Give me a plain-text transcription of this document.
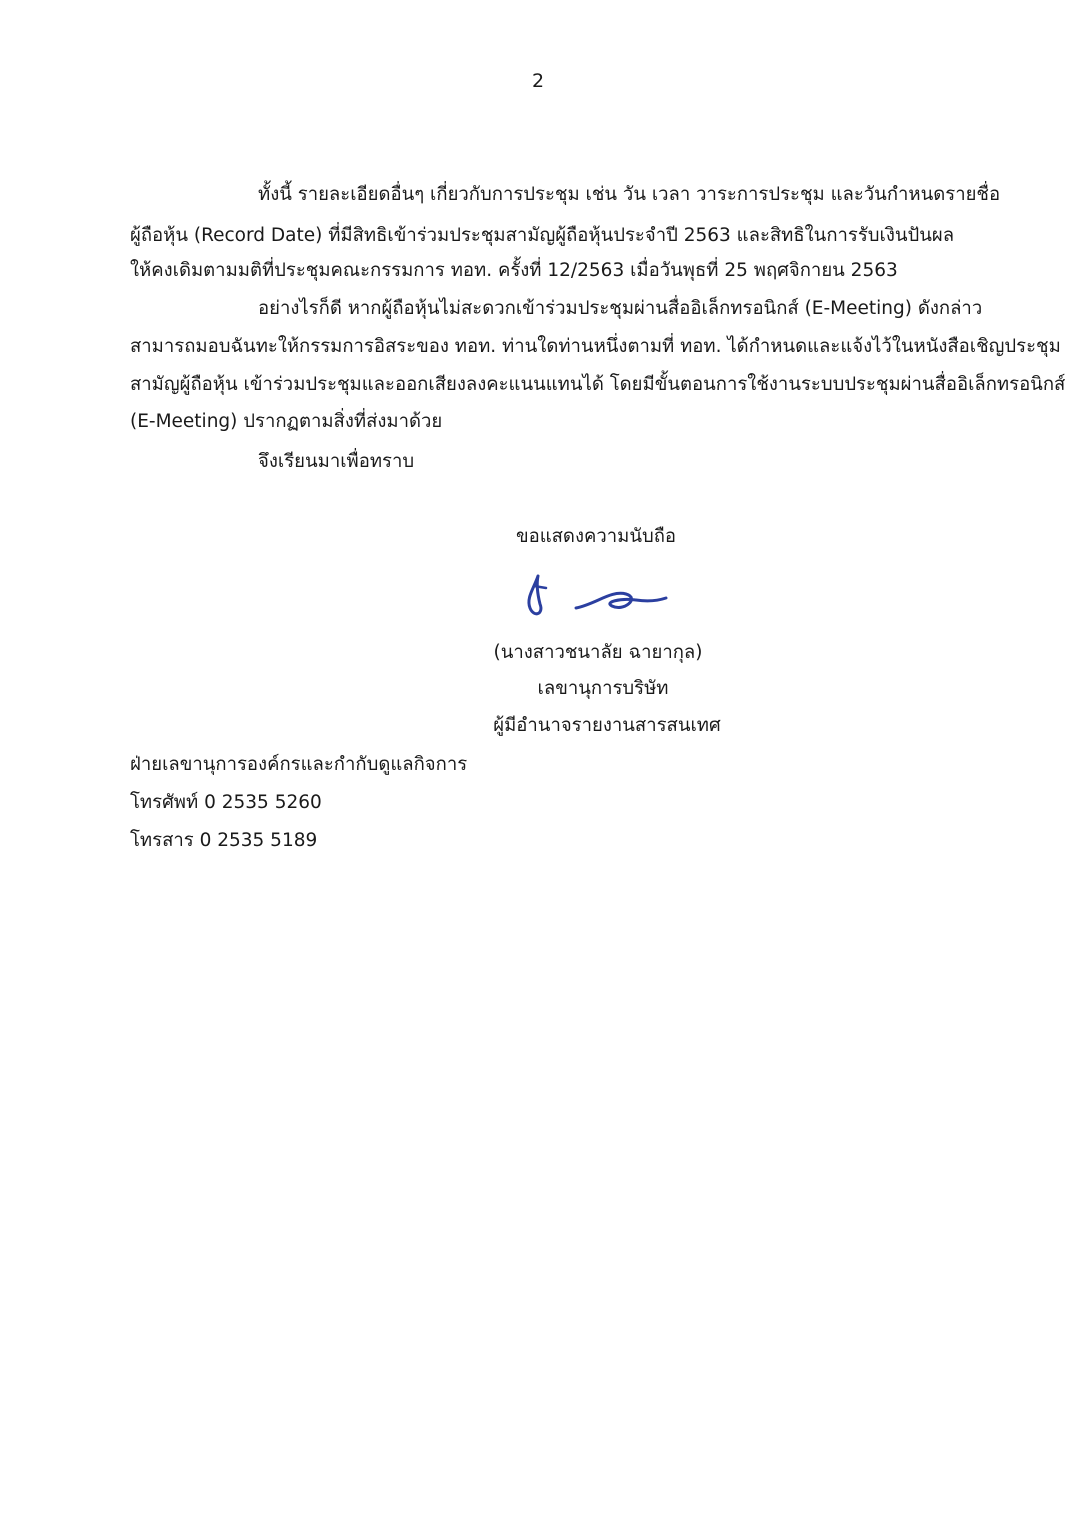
2
ทั้งนี้ รายละเอียดอื่นๆ เกี่ยวกับการประชุม เช่น วัน เวลา วาระการประชุม และวันกำหนดรายชื่อ
ผู้ถือหุ้น (Record Date) ที่มีสิทธิเข้าร่วมประชุมสามัญผู้ถือหุ้นประจำปี 2563 และสิทธิในการรับเงินปันผล
ให้คงเดิมตามมติที่ประชุมคณะกรรมการ ทอท. ครั้งที่ 12/2563 เมื่อวันพุธที่ 25 พฤศจิกายน 2563
อย่างไรก็ดี หากผู้ถือหุ้นไม่สะดวกเข้าร่วมประชุมผ่านสื่ออิเล็กทรอนิกส์ (E-Meeting) ดังกล่าว
สามารถมอบฉันทะให้กรรมการอิสระของ ทอท. ท่านใดท่านหนึ่งตามที่ ทอท. ได้กำหนดและแจ้งไว้ในหนังสือเชิญประชุม
สามัญผู้ถือหุ้น เข้าร่วมประชุมและออกเสียงลงคะแนนแทนได้ โดยมีขั้นตอนการใช้งานระบบประชุมผ่านสื่ออิเล็กทรอนิกส์
(E-Meeting) ปรากฏตามสิ่งที่ส่งมาด้วย
จึงเรียนมาเพื่อทราบ
ขอแสดงความนับถือ
(นางสาวชนาลัย ฉายากุล)
เลขานุการบริษัท
ผู้มีอำนาจรายงานสารสนเทศ
ฝ่ายเลขานุการองค์กรและกำกับดูแลกิจการ
โทรศัพท์ 0 2535 5260
โทรสาร 0 2535 5189
